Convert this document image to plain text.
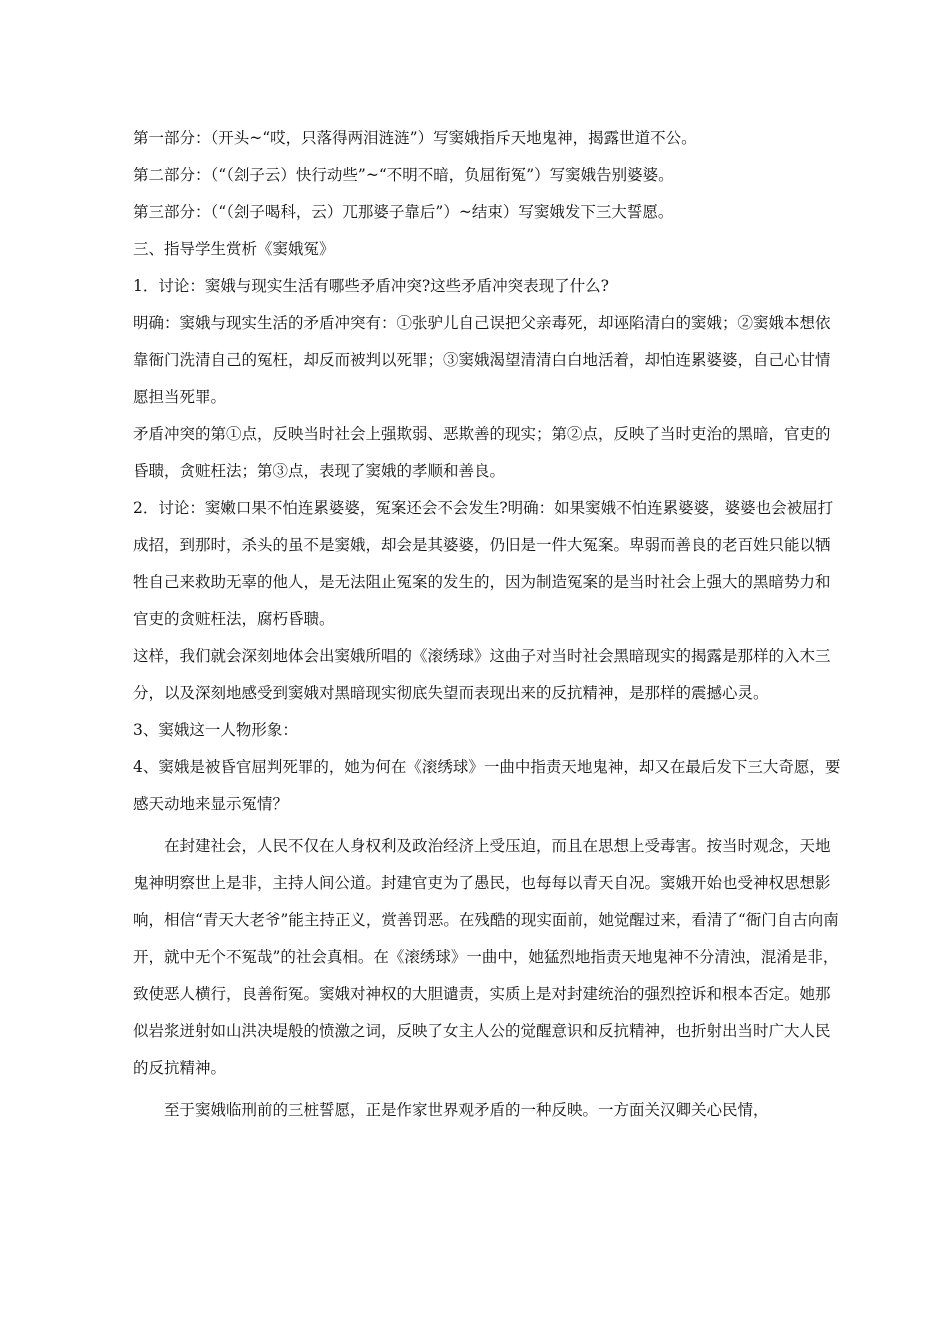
第一部分：（开头~“哎，只落得两泪涟涟”）写窦娥指斥天地鬼神，揭露世道不公。

第二部分：（“（刽子云）快行动些”~“不明不暗，负屈衔冤”）写窦娥告别婆婆。

第三部分：（“（刽子喝科，云）兀那婆子靠后”）~结束）写窦娥发下三大誓愿。

三、指导学生赏析《窦娥冤》

1．讨论：窦娥与现实生活有哪些矛盾冲突?这些矛盾冲突表现了什么?

明确：窦娥与现实生活的矛盾冲突有：①张驴儿自己误把父亲毒死，却诬陷清白的窦娥；②窦娥本想依靠衙门洗清自己的冤枉，却反而被判以死罪；③窦娥渴望清清白白地活着，却怕连累婆婆，自己心甘情愿担当死罪。

矛盾冲突的第①点，反映当时社会上强欺弱、恶欺善的现实；第②点，反映了当时吏治的黑暗，官吏的昏聩，贪赃枉法；第③点，表现了窦娥的孝顺和善良。

2．讨论：窦嫩口果不怕连累婆婆，冤案还会不会发生?明确：如果窦娥不怕连累婆婆，婆婆也会被屈打成招，到那时，杀头的虽不是窦娥，却会是其婆婆，仍旧是一件大冤案。卑弱而善良的老百姓只能以牺牲自己来救助无辜的他人，是无法阻止冤案的发生的，因为制造冤案的是当时社会上强大的黑暗势力和官吏的贪赃枉法，腐朽昏聩。

这样，我们就会深刻地体会出窦娥所唱的《滚绣球》这曲子对当时社会黑暗现实的揭露是那样的入木三分，以及深刻地感受到窦娥对黑暗现实彻底失望而表现出来的反抗精神，是那样的震撼心灵。

3、窦娥这一人物形象：

4、窦娥是被昏官屈判死罪的，她为何在《滚绣球》一曲中指责天地鬼神，却又在最后发下三大奇愿，要感天动地来显示冤情？

在封建社会，人民不仅在人身权利及政治经济上受压迫，而且在思想上受毒害。按当时观念，天地鬼神明察世上是非，主持人间公道。封建官吏为了愚民，也每每以青天自况。窦娥开始也受神权思想影响，相信“青天大老爷”能主持正义，赏善罚恶。在残酷的现实面前，她觉醒过来，看清了“衙门自古向南开，就中无个不冤哉”的社会真相。在《滚绣球》一曲中，她猛烈地指责天地鬼神不分清浊，混淆是非，致使恶人横行，良善衔冤。窦娥对神权的大胆谴责，实质上是对封建统治的强烈控诉和根本否定。她那似岩浆迸射如山洪决堤般的愤激之词，反映了女主人公的觉醒意识和反抗精神，也折射出当时广大人民的反抗精神。

至于窦娥临刑前的三桩誓愿，正是作家世界观矛盾的一种反映。一方面关汉卿关心民情，
